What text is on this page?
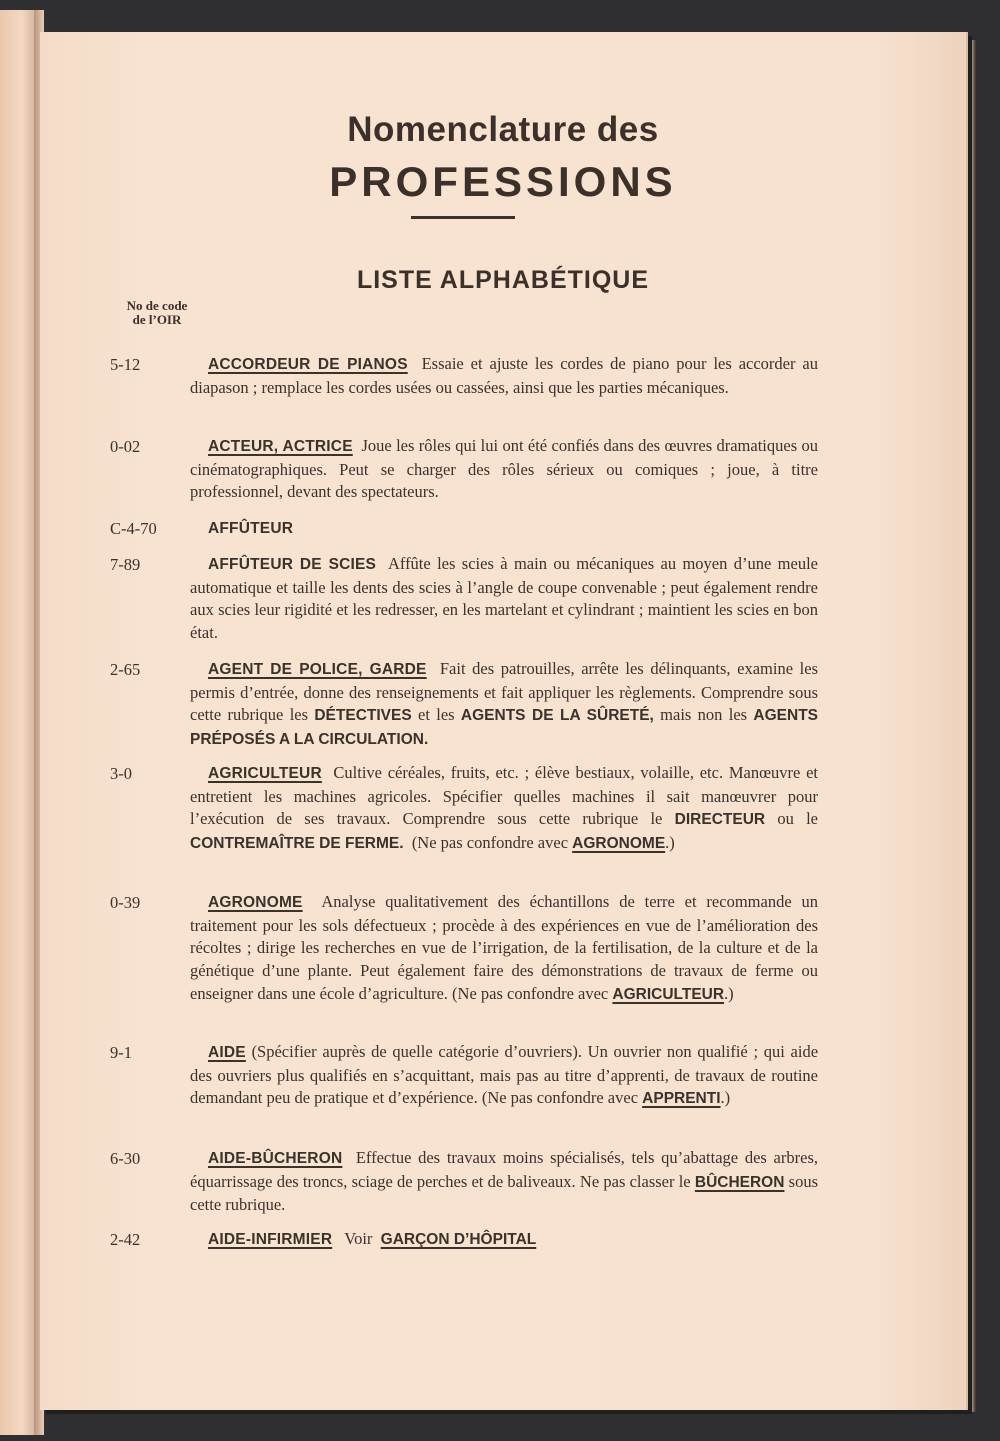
Nomenclature des
PROFESSIONS
LISTE ALPHABÉTIQUE
No de code
de l’OIR
5-12	ACCORDEUR DE PIANOS Essaie et ajuste les cordes de piano pour les accorder au diapason ; remplace les cordes usées ou cassées, ainsi que les parties mécaniques.
0-02	ACTEUR, ACTRICE Joue les rôles qui lui ont été confiés dans des œuvres dramatiques ou cinématographiques. Peut se charger des rôles sérieux ou comiques ; joue, à titre professionnel, devant des spectateurs.
C-4-70	AFFÛTEUR
7-89	AFFÛTEUR DE SCIES Affûte les scies à main ou mécaniques au moyen d’une meule automatique et taille les dents des scies à l’angle de coupe convenable ; peut également rendre aux scies leur rigidité et les redresser, en les martelant et cylindrant ; maintient les scies en bon état.
2-65	AGENT DE POLICE, GARDE Fait des patrouilles, arrête les délinquants, examine les permis d’entrée, donne des renseignements et fait appliquer les règlements. Comprendre sous cette rubrique les DÉTECTIVES et les AGENTS DE LA SÛRETÉ, mais non les AGENTS PRÉPOSÉS A LA CIRCULATION.
3-0	AGRICULTEUR Cultive céréales, fruits, etc. ; élève bestiaux, volaille, etc. Manœuvre et entretient les machines agricoles. Spécifier quelles machines il sait manœuvrer pour l’exécution de ses travaux. Comprendre sous cette rubrique le DIRECTEUR ou le CONTREMAÎTRE DE FERME. (Ne pas confondre avec AGRONOME.)
0-39	AGRONOME Analyse qualitativement des échantillons de terre et recommande un traitement pour les sols défectueux ; procède à des expériences en vue de l’amélioration des récoltes ; dirige les recherches en vue de l’irrigation, de la fertilisation, de la culture et de la génétique d’une plante. Peut également faire des démonstrations de travaux de ferme ou enseigner dans une école d’agriculture. (Ne pas confondre avec AGRICULTEUR.)
9-1	AIDE (Spécifier auprès de quelle catégorie d’ouvriers). Un ouvrier non qualifié ; qui aide des ouvriers plus qualifiés en s’acquittant, mais pas au titre d’apprenti, de travaux de routine demandant peu de pratique et d’expérience. (Ne pas confondre avec APPRENTI.)
6-30	AIDE-BÛCHERON Effectue des travaux moins spécialisés, tels qu’abattage des arbres, équarrissage des troncs, sciage de perches et de baliveaux. Ne pas classer le BÛCHERON sous cette rubrique.
2-42	AIDE-INFIRMIER Voir GARÇON D’HÔPITAL
